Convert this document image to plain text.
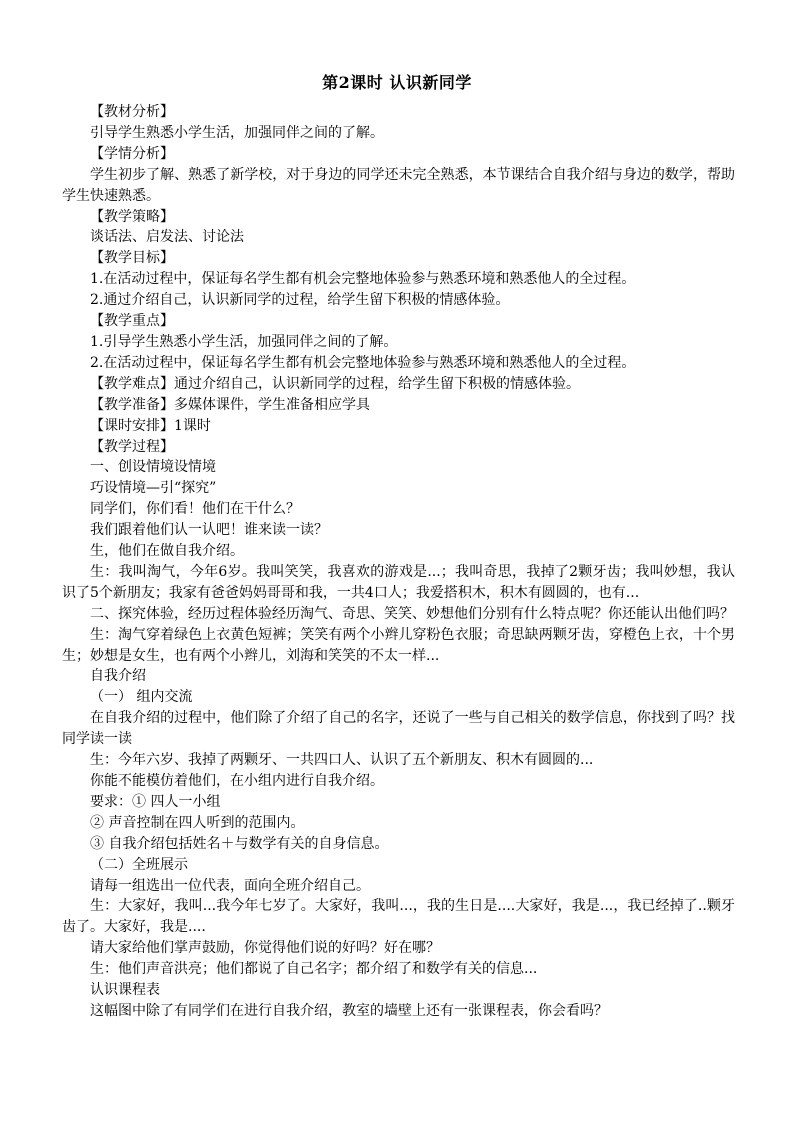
第2课时 认识新同学

【教材分析】

引导学生熟悉小学生活，加强同伴之间的了解。

【学情分析】

学生初步了解、熟悉了新学校，对于身边的同学还未完全熟悉，本节课结合自我介绍与身边的数学，帮助学生快速熟悉。

【教学策略】

谈话法、启发法、讨论法

【教学目标】

1.在活动过程中，保证每名学生都有机会完整地体验参与熟悉环境和熟悉他人的全过程。

2.通过介绍自己，认识新同学的过程，给学生留下积极的情感体验。

【教学重点】

1.引导学生熟悉小学生活，加强同伴之间的了解。

2.在活动过程中，保证每名学生都有机会完整地体验参与熟悉环境和熟悉他人的全过程。

【教学难点】通过介绍自己，认识新同学的过程，给学生留下积极的情感体验。

【教学准备】多媒体课件，学生准备相应学具

【课时安排】1课时

【教学过程】

一、创设情境设情境

巧设情境—引“探究”

同学们，你们看！他们在干什么？

我们跟着他们认一认吧！谁来读一读？

生，他们在做自我介绍。

生：我叫淘气，今年6岁。我叫笑笑，我喜欢的游戏是...；我叫奇思，我掉了2颗牙齿；我叫妙想，我认识了5个新朋友；我家有爸爸妈妈哥哥和我，一共4口人；我爱搭积木，积木有圆圆的，也有...

二、探究体验，经历过程体验经历淘气、奇思、笑笑、妙想他们分别有什么特点呢？你还能认出他们吗？

生：淘气穿着绿色上衣黄色短裤；笑笑有两个小辫儿穿粉色衣服；奇思缺两颗牙齿，穿橙色上衣，十个男生；妙想是女生，也有两个小辫儿，刘海和笑笑的不太一样...

自我介绍

（一） 组内交流

在自我介绍的过程中，他们除了介绍了自己的名字，还说了一些与自己相关的数学信息，你找到了吗？找同学读一读

生：今年六岁、我掉了两颗牙、一共四口人、认识了五个新朋友、积木有圆圆的...

你能不能模仿着他们，在小组内进行自我介绍。

要求：① 四人一小组

② 声音控制在四人听到的范围内。

③ 自我介绍包括姓名＋与数学有关的自身信息。

（二）全班展示

请每一组选出一位代表，面向全班介绍自己。

生：大家好，我叫...我今年七岁了。大家好，我叫...，我的生日是....大家好，我是...，我已经掉了..颗牙齿了。大家好，我是....

请大家给他们掌声鼓励，你觉得他们说的好吗？好在哪？

生：他们声音洪亮；他们都说了自己名字；都介绍了和数学有关的信息...

认识课程表

这幅图中除了有同学们在进行自我介绍，教室的墙壁上还有一张课程表，你会看吗？
